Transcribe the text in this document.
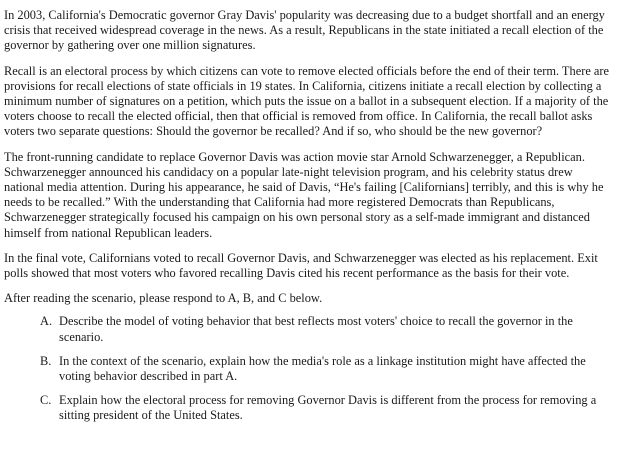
In 2003, California's Democratic governor Gray Davis' popularity was decreasing due to a budget shortfall and an energy crisis that received widespread coverage in the news. As a result, Republicans in the state initiated a recall election of the governor by gathering over one million signatures.

Recall is an electoral process by which citizens can vote to remove elected officials before the end of their term. There are provisions for recall elections of state officials in 19 states. In California, citizens initiate a recall election by collecting a minimum number of signatures on a petition, which puts the issue on a ballot in a subsequent election. If a majority of the voters choose to recall the elected official, then that official is removed from office. In California, the recall ballot asks voters two separate questions: Should the governor be recalled? And if so, who should be the new governor?

The front-running candidate to replace Governor Davis was action movie star Arnold Schwarzenegger, a Republican. Schwarzenegger announced his candidacy on a popular late-night television program, and his celebrity status drew national media attention. During his appearance, he said of Davis, “He's failing [Californians] terribly, and this is why he needs to be recalled.” With the understanding that California had more registered Democrats than Republicans, Schwarzenegger strategically focused his campaign on his own personal story as a self-made immigrant and distanced himself from national Republican leaders.

In the final vote, Californians voted to recall Governor Davis, and Schwarzenegger was elected as his replacement. Exit polls showed that most voters who favored recalling Davis cited his recent performance as the basis for their vote.

After reading the scenario, please respond to A, B, and C below.

A. Describe the model of voting behavior that best reflects most voters' choice to recall the governor in the scenario.
B. In the context of the scenario, explain how the media's role as a linkage institution might have affected the voting behavior described in part A.
C. Explain how the electoral process for removing Governor Davis is different from the process for removing a sitting president of the United States.
